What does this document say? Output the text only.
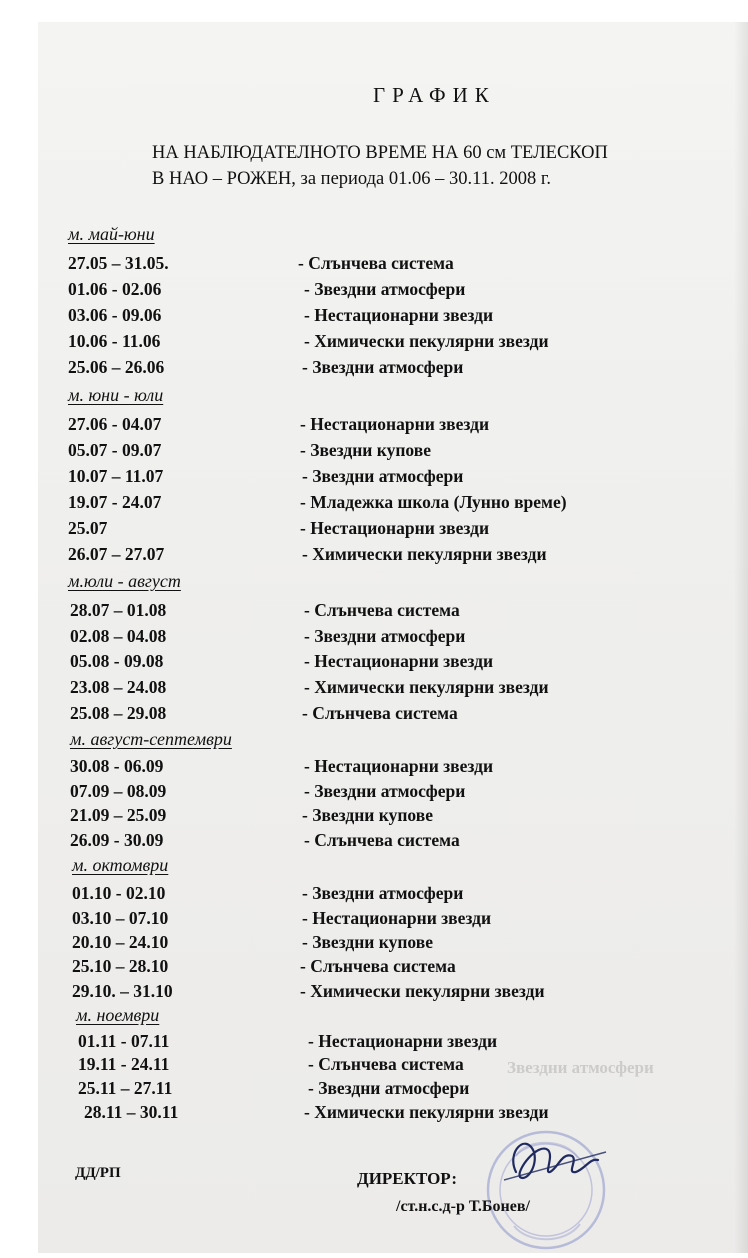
ГРАФИК
НА НАБЛЮДАТЕЛНОТО ВРЕМЕ НА 60 см ТЕЛЕСКОП
В НАО – РОЖЕН, за периода 01.06 – 30.11. 2008 г.
м. май-юни
27.05 – 31.05.	- Слънчева система
01.06 - 02.06	- Звездни атмосфери
03.06 - 09.06	- Нестационарни звезди
10.06 - 11.06	- Химически пекулярни звезди
25.06 – 26.06	- Звездни атмосфери
м. юни - юли
27.06 - 04.07	- Нестационарни звезди
05.07 - 09.07	- Звездни купове
10.07 – 11.07	- Звездни атмосфери
19.07 - 24.07	- Младежка школа (Лунно време)
25.07	- Нестационарни звезди
26.07 – 27.07	- Химически пекулярни звезди
м.юли - август
28.07 – 01.08	- Слънчева система
02.08 – 04.08	- Звездни атмосфери
05.08 - 09.08	- Нестационарни звезди
23.08 – 24.08	- Химически пекулярни звезди
25.08 – 29.08	- Слънчева система
м. август-септември
30.08 - 06.09	- Нестационарни звезди
07.09 – 08.09	- Звездни атмосфери
21.09 – 25.09	- Звездни купове
26.09 - 30.09	- Слънчева система
м. октомври
01.10 - 02.10	- Звездни атмосфери
03.10 – 07.10	- Нестационарни звезди
20.10 – 24.10	- Звездни купове
25.10 – 28.10	- Слънчева система
29.10. – 31.10	- Химически пекулярни звезди
м. ноември
01.11 - 07.11	- Нестационарни звезди
19.11 - 24.11	- Слънчева система
25.11 – 27.11	- Звездни атмосфери
28.11 – 30.11	- Химически пекулярни звезди
Звездни атмосфери
ДД/РП	ДИРЕКТОР:
/ст.н.с.д-р Т.Бонев/
